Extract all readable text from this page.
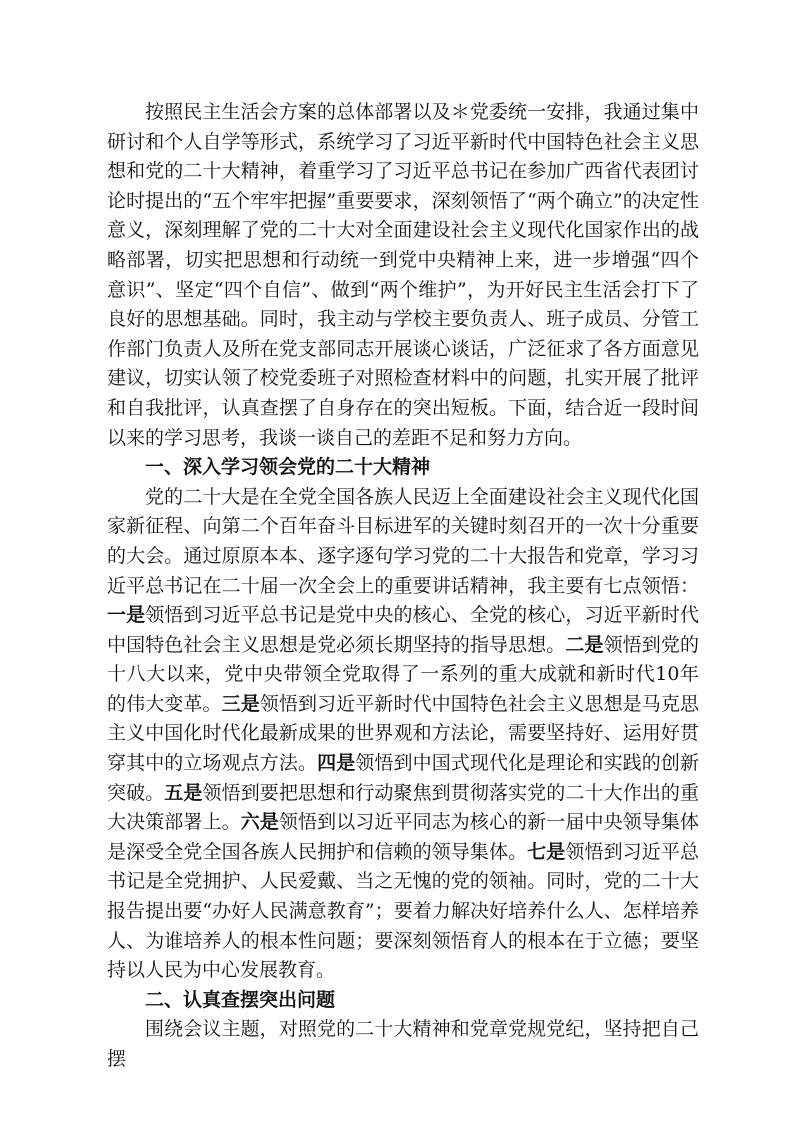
按照民主生活会方案的总体部署以及＊党委统一安排，我通过集中研讨和个人自学等形式，系统学习了习近平新时代中国特色社会主义思想和党的二十大精神，着重学习了习近平总书记在参加广西省代表团讨论时提出的“五个牢牢把握”重要要求，深刻领悟了“两个确立”的决定性意义，深刻理解了党的二十大对全面建设社会主义现代化国家作出的战略部署，切实把思想和行动统一到党中央精神上来，进一步增强“四个意识”、坚定“四个自信”、做到“两个维护”，为开好民主生活会打下了良好的思想基础。同时，我主动与学校主要负责人、班子成员、分管工作部门负责人及所在党支部同志开展谈心谈话，广泛征求了各方面意见建议，切实认领了校党委班子对照检查材料中的问题，扎实开展了批评和自我批评，认真查摆了自身存在的突出短板。下面，结合近一段时间以来的学习思考，我谈一谈自己的差距不足和努力方向。

一、深入学习领会党的二十大精神

党的二十大是在全党全国各族人民迈上全面建设社会主义现代化国家新征程、向第二个百年奋斗目标进军的关键时刻召开的一次十分重要的大会。通过原原本本、逐字逐句学习党的二十大报告和党章，学习习近平总书记在二十届一次全会上的重要讲话精神，我主要有七点领悟：一是领悟到习近平总书记是党中央的核心、全党的核心，习近平新时代中国特色社会主义思想是党必须长期坚持的指导思想。二是领悟到党的十八大以来，党中央带领全党取得了一系列的重大成就和新时代10年的伟大变革。三是领悟到习近平新时代中国特色社会主义思想是马克思主义中国化时代化最新成果的世界观和方法论，需要坚持好、运用好贯穿其中的立场观点方法。四是领悟到中国式现代化是理论和实践的创新突破。五是领悟到要把思想和行动聚焦到贯彻落实党的二十大作出的重大决策部署上。六是领悟到以习近平同志为核心的新一届中央领导集体是深受全党全国各族人民拥护和信赖的领导集体。七是领悟到习近平总书记是全党拥护、人民爱戴、当之无愧的党的领袖。同时，党的二十大报告提出要“办好人民满意教育”；要着力解决好培养什么人、怎样培养人、为谁培养人的根本性问题；要深刻领悟育人的根本在于立德；要坚持以人民为中心发展教育。

二、认真查摆突出问题

围绕会议主题，对照党的二十大精神和党章党规党纪，坚持把自己摆
